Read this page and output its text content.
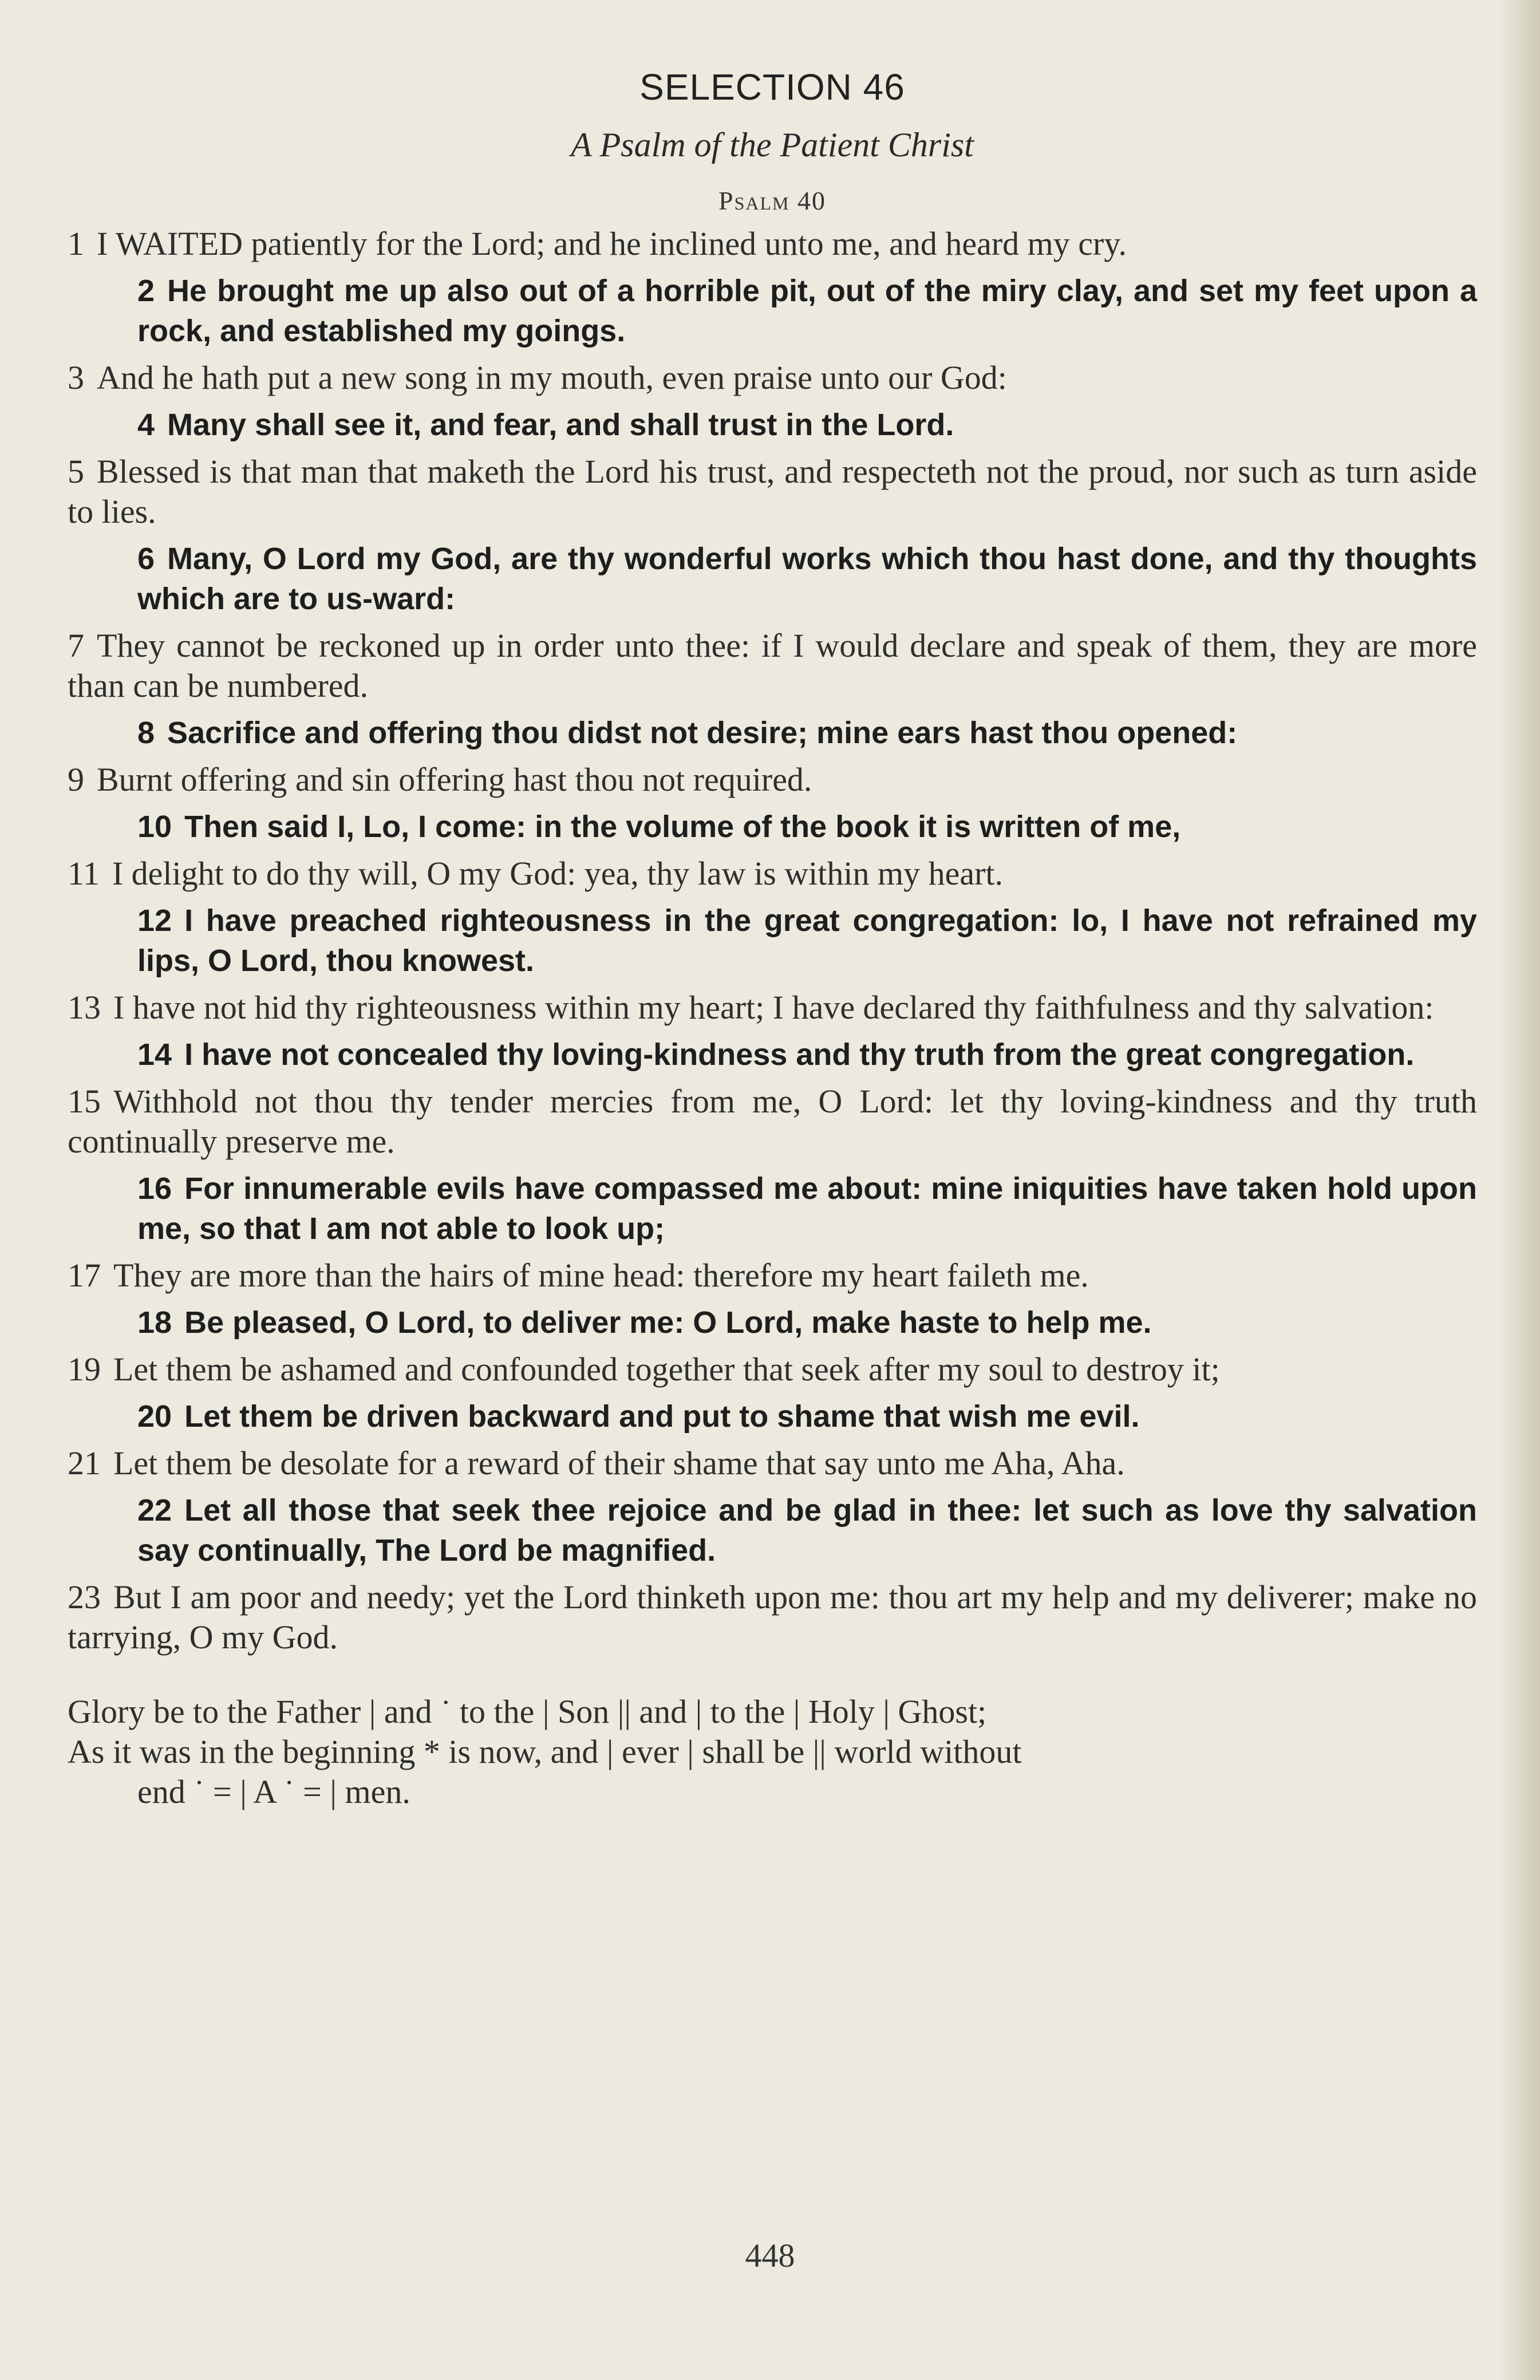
SELECTION 46
A Psalm of the Patient Christ
Psalm 40

1 I WAITED patiently for the Lord; and he inclined unto me, and heard my cry.

2 He brought me up also out of a horrible pit, out of the miry clay, and set my feet upon a rock, and established my goings.

3 And he hath put a new song in my mouth, even praise unto our God:

4 Many shall see it, and fear, and shall trust in the Lord.

5 Blessed is that man that maketh the Lord his trust, and respecteth not the proud, nor such as turn aside to lies.

6 Many, O Lord my God, are thy wonderful works which thou hast done, and thy thoughts which are to us-ward:

7 They cannot be reckoned up in order unto thee: if I would declare and speak of them, they are more than can be numbered.

8 Sacrifice and offering thou didst not desire; mine ears hast thou opened:

9 Burnt offering and sin offering hast thou not required.

10 Then said I, Lo, I come: in the volume of the book it is written of me,

11 I delight to do thy will, O my God: yea, thy law is within my heart.

12 I have preached righteousness in the great congregation: lo, I have not refrained my lips, O Lord, thou knowest.

13 I have not hid thy righteousness within my heart; I have declared thy faithfulness and thy salvation:

14 I have not concealed thy loving-kindness and thy truth from the great congregation.

15 Withhold not thou thy tender mercies from me, O Lord: let thy loving-kindness and thy truth continually preserve me.

16 For innumerable evils have compassed me about: mine iniquities have taken hold upon me, so that I am not able to look up;

17 They are more than the hairs of mine head: therefore my heart faileth me.

18 Be pleased, O Lord, to deliver me: O Lord, make haste to help me.

19 Let them be ashamed and confounded together that seek after my soul to destroy it;

20 Let them be driven backward and put to shame that wish me evil.

21 Let them be desolate for a reward of their shame that say unto me Aha, Aha.

22 Let all those that seek thee rejoice and be glad in thee: let such as love thy salvation say continually, The Lord be magnified.

23 But I am poor and needy; yet the Lord thinketh upon me: thou art my help and my deliverer; make no tarrying, O my God.

Glory be to the Father | and ˙ to the | Son || and | to the | Holy | Ghost;

As it was in the beginning * is now, and | ever | shall be || world without

end ˙ = | A ˙ = | men.

448
